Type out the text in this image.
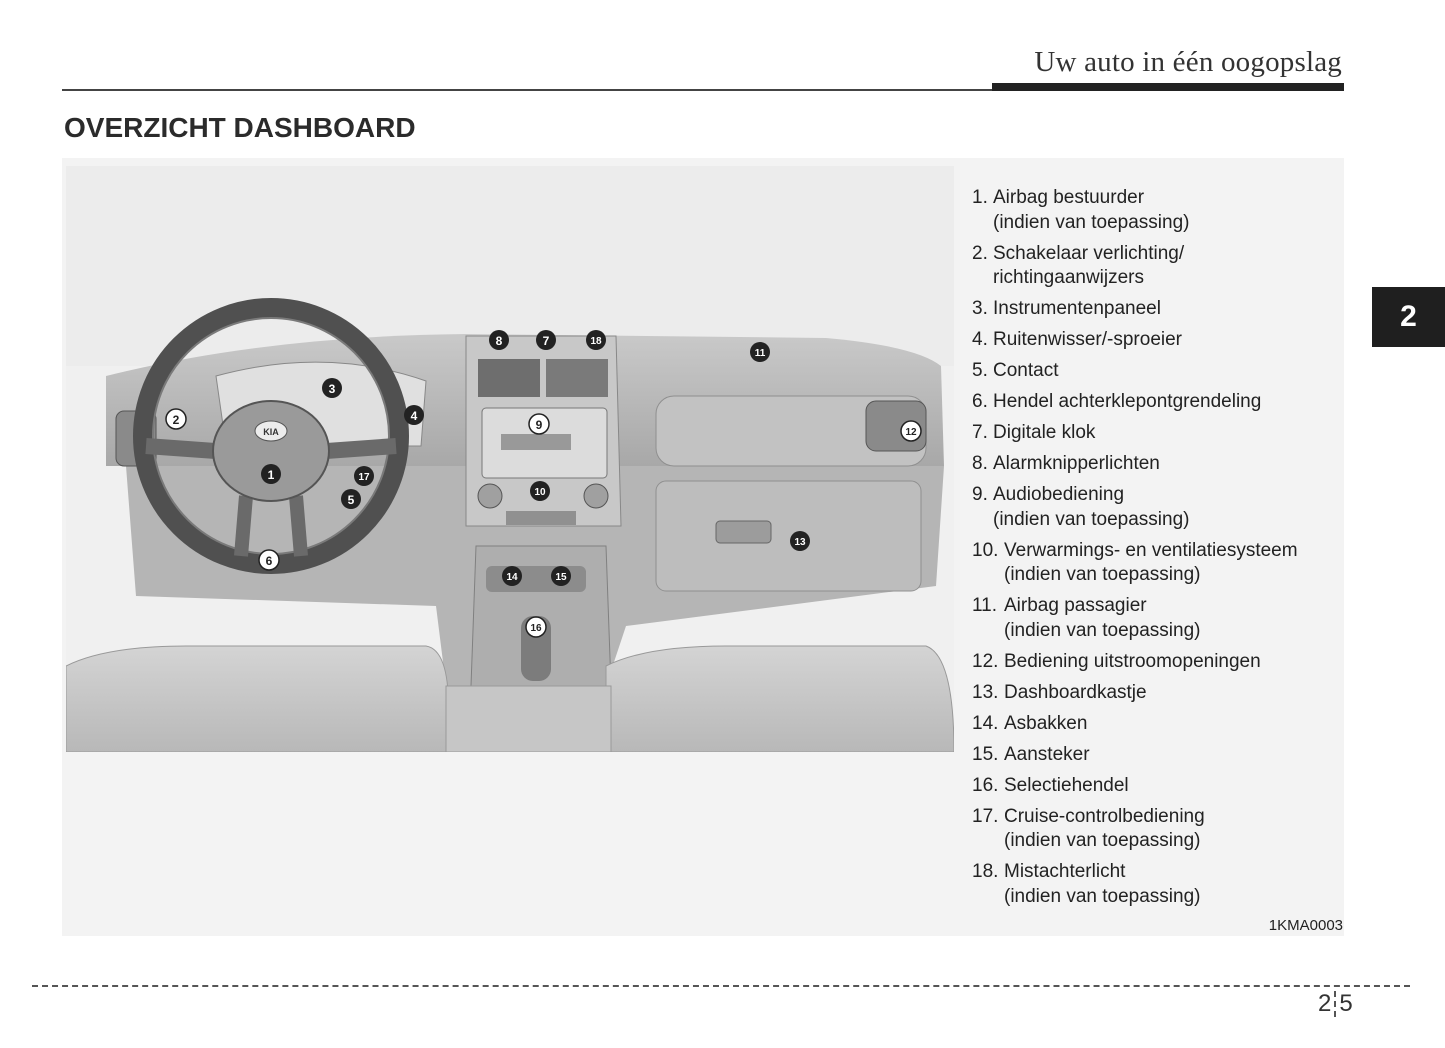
Uw auto in één oogopslag
OVERZICHT DASHBOARD
2
KIA
1
2
3
4
5
6
7
8
9
10
11
12
13
14	15
16
17
18
1. Airbag bestuurder
(indien van toepassing)
2. Schakelaar verlichting/
richtingaanwijzers
3. Instrumentenpaneel
4. Ruitenwisser/-sproeier
5. Contact
6. Hendel achterklepontgrendeling
7. Digitale klok
8. Alarmknipperlichten
9. Audiobediening
(indien van toepassing)
10. Verwarmings- en ventilatiesysteem
(indien van toepassing)
11. Airbag passagier
(indien van toepassing)
12. Bediening uitstroomopeningen
13. Dashboardkastje
14. Asbakken
15. Aansteker
16. Selectiehendel
17. Cruise-controlbediening
(indien van toepassing)
18. Mistachterlicht
(indien van toepassing)
1KMA0003
2 5
